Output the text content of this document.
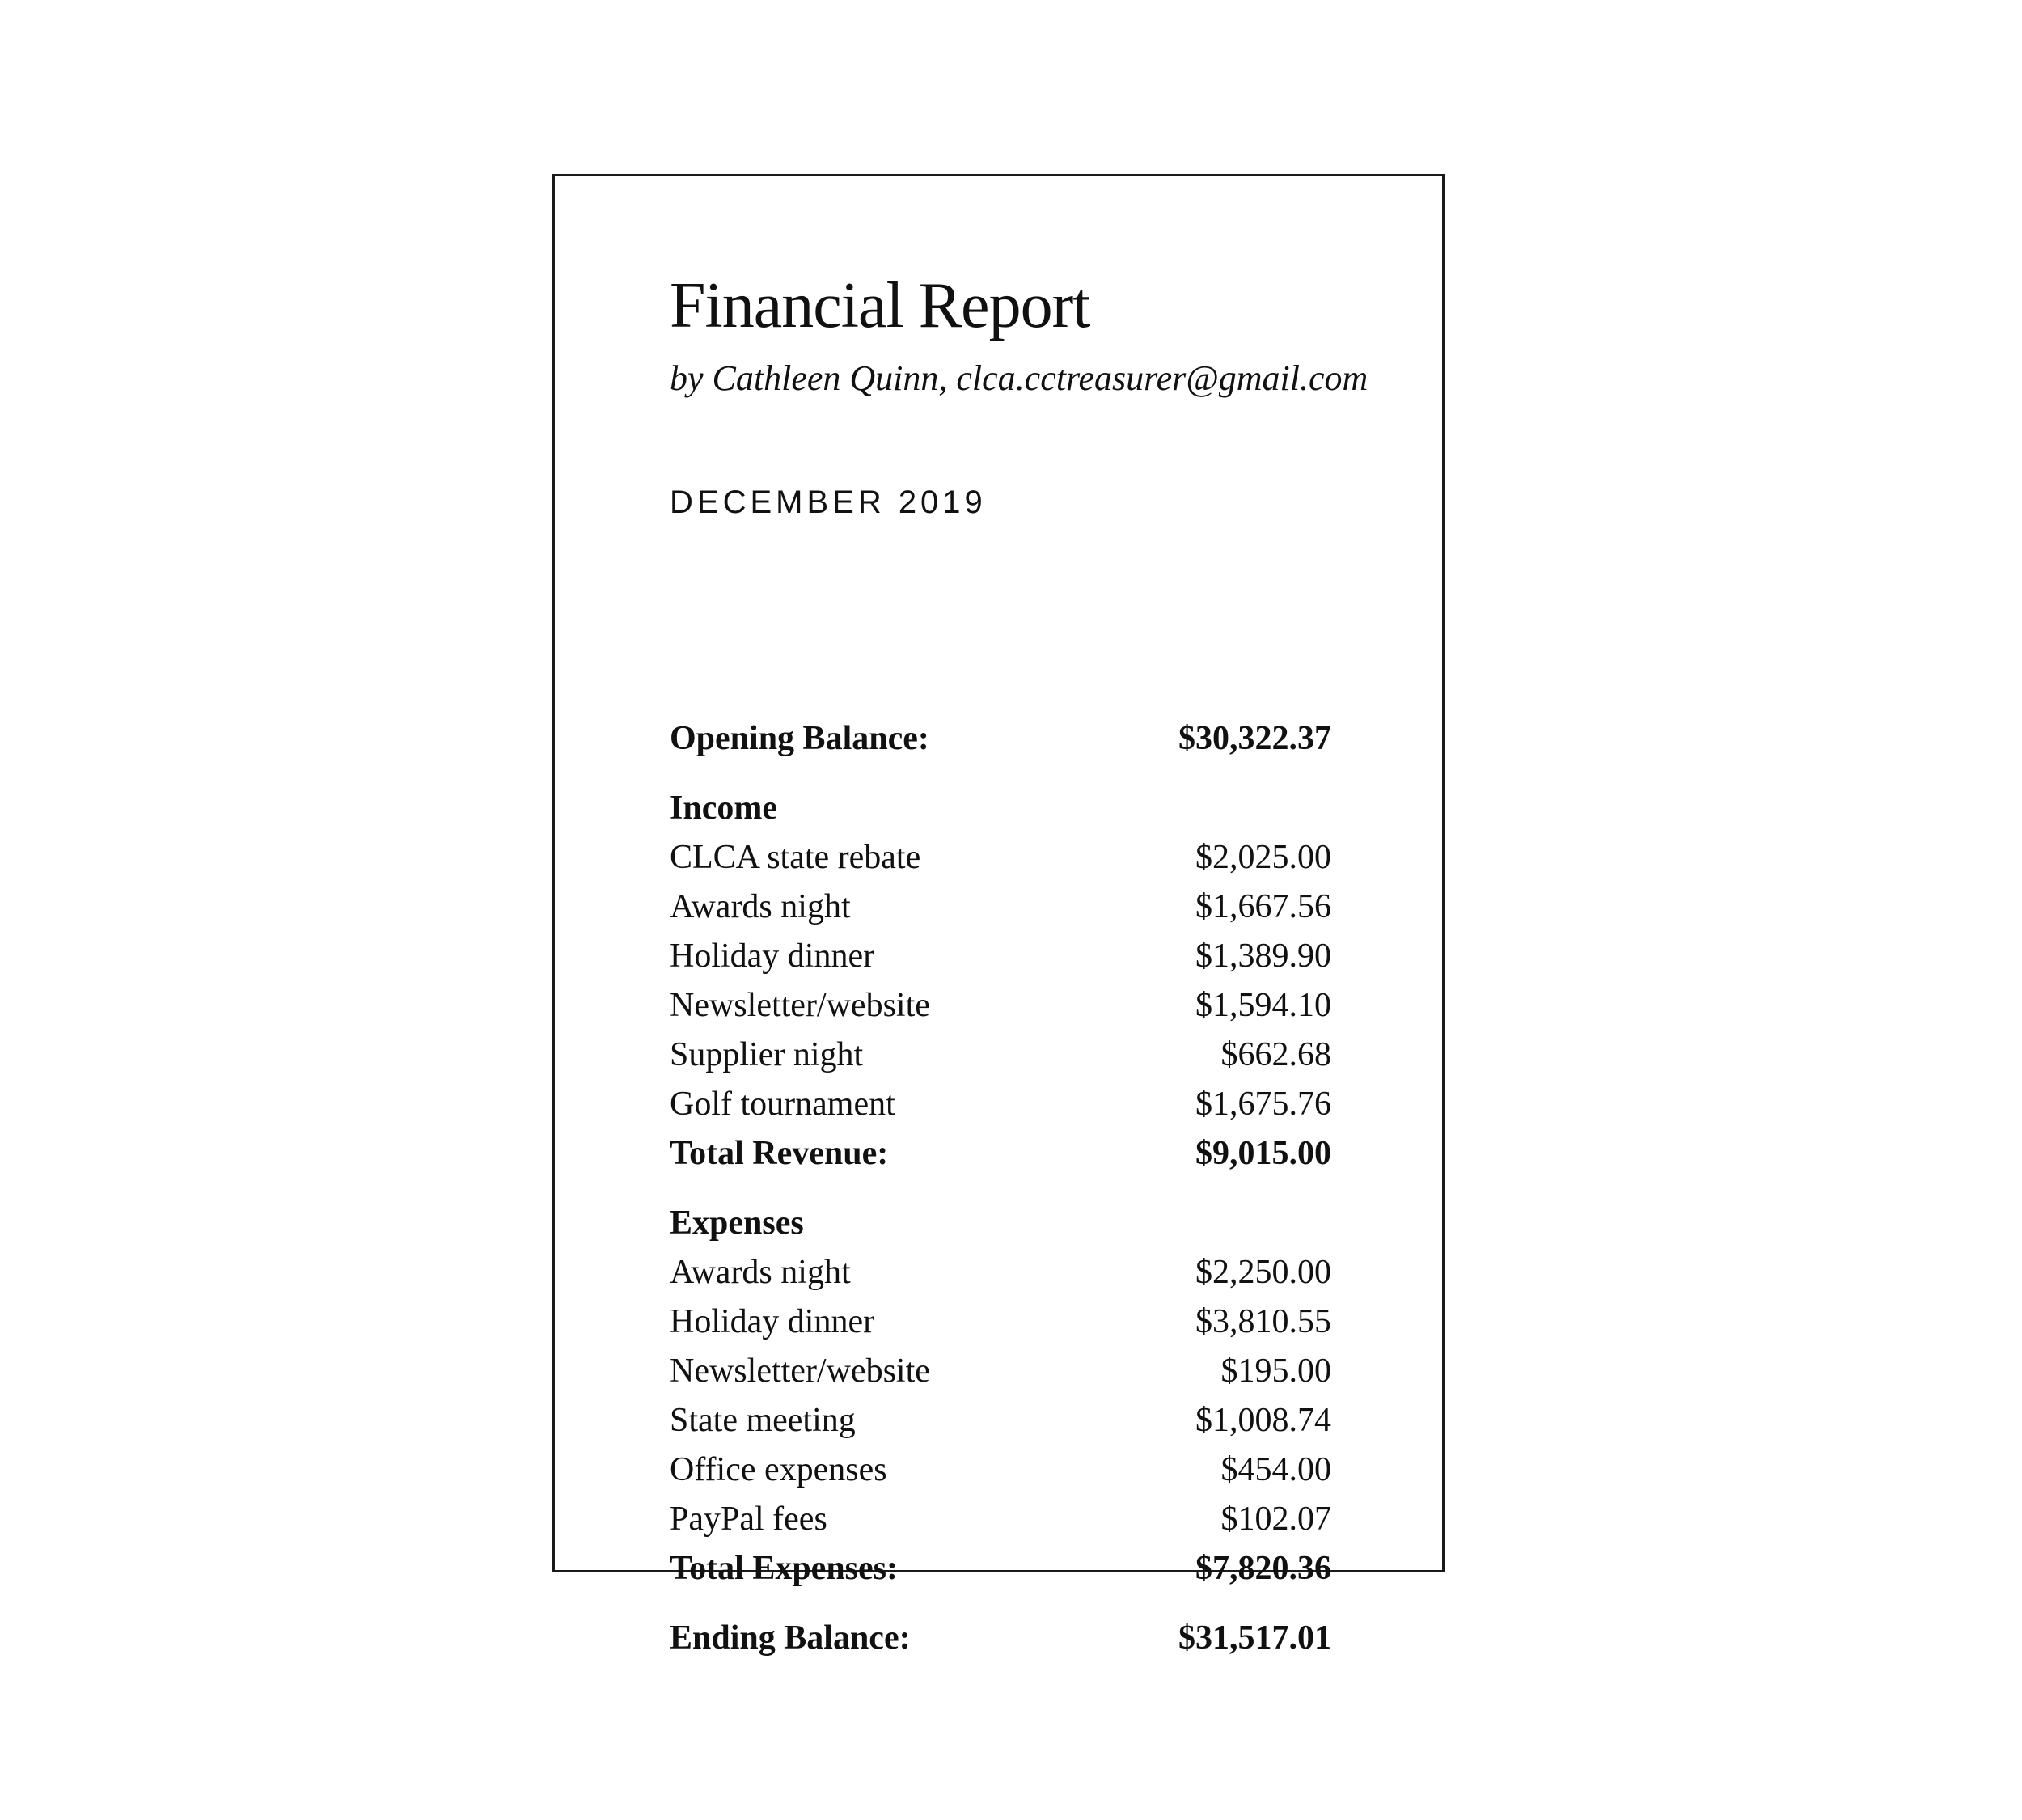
Financial Report
by Cathleen Quinn, clca.cctreasurer@gmail.com
DECEMBER 2019
Opening Balance:	$30,322.37
Income
CLCA state rebate	$2,025.00
Awards night	$1,667.56
Holiday dinner	$1,389.90
Newsletter/website	$1,594.10
Supplier night	$662.68
Golf tournament	$1,675.76
Total Revenue:	$9,015.00
Expenses
Awards night	$2,250.00
Holiday dinner	$3,810.55
Newsletter/website	$195.00
State meeting	$1,008.74
Office expenses	$454.00
PayPal fees	$102.07
Total Expenses:	$7,820.36
Ending Balance:	$31,517.01
